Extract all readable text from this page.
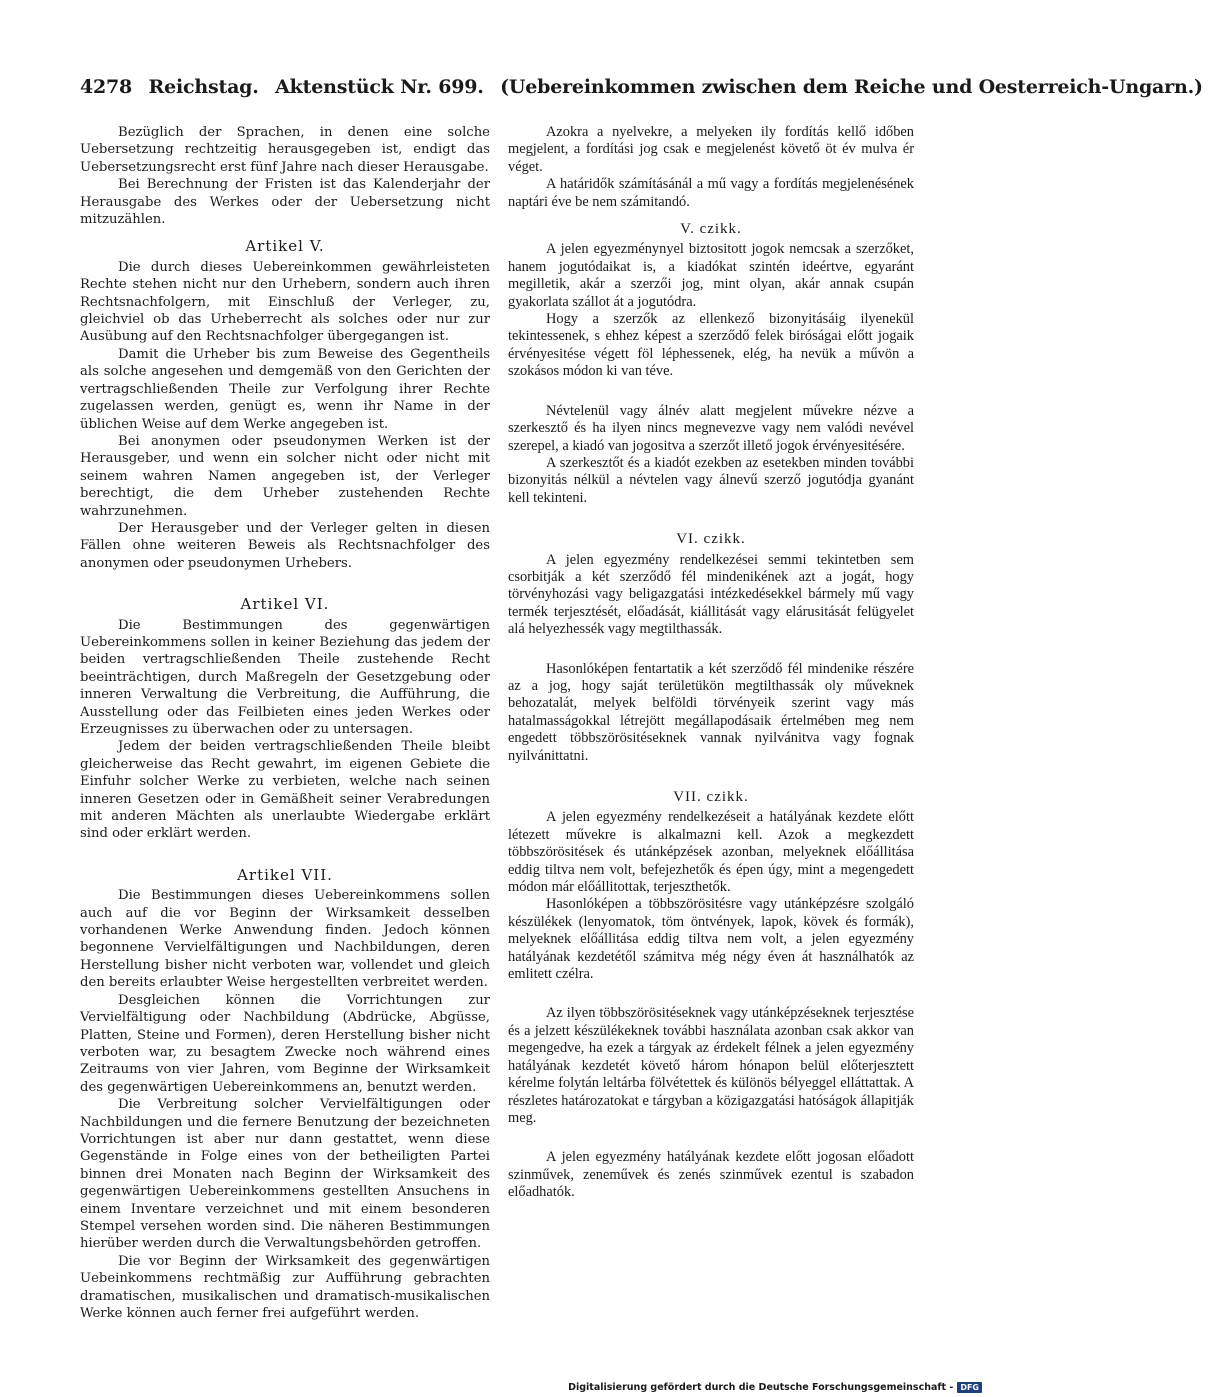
4278 Reichstag. Aktenstück Nr. 699. (Uebereinkommen zwischen dem Reiche und Oesterreich-Ungarn.)

Bezüglich der Sprachen, in denen eine solche Uebersetzung rechtzeitig herausgegeben ist, endigt das Uebersetzungsrecht erst fünf Jahre nach dieser Herausgabe.

Bei Berechnung der Fristen ist das Kalenderjahr der Herausgabe des Werkes oder der Uebersetzung nicht mitzuzählen.

Artikel V.

Die durch dieses Uebereinkommen gewährleisteten Rechte stehen nicht nur den Urhebern, sondern auch ihren Rechtsnachfolgern, mit Einschluß der Verleger, zu, gleichviel ob das Urheberrecht als solches oder nur zur Ausübung auf den Rechtsnachfolger übergegangen ist.

Damit die Urheber bis zum Beweise des Gegentheils als solche angesehen und demgemäß von den Gerichten der vertragschließenden Theile zur Verfolgung ihrer Rechte zugelassen werden, genügt es, wenn ihr Name in der üblichen Weise auf dem Werke angegeben ist.

Bei anonymen oder pseudonymen Werken ist der Herausgeber, und wenn ein solcher nicht oder nicht mit seinem wahren Namen angegeben ist, der Verleger berechtigt, die dem Urheber zustehenden Rechte wahrzunehmen.

Der Herausgeber und der Verleger gelten in diesen Fällen ohne weiteren Beweis als Rechtsnachfolger des anonymen oder pseudonymen Urhebers.

Artikel VI.

Die Bestimmungen des gegenwärtigen Uebereinkommens sollen in keiner Beziehung das jedem der beiden vertragschließenden Theile zustehende Recht beeinträchtigen, durch Maßregeln der Gesetzgebung oder inneren Verwaltung die Verbreitung, die Aufführung, die Ausstellung oder das Feilbieten eines jeden Werkes oder Erzeugnisses zu überwachen oder zu untersagen.

Jedem der beiden vertragschließenden Theile bleibt gleicherweise das Recht gewahrt, im eigenen Gebiete die Einfuhr solcher Werke zu verbieten, welche nach seinen inneren Gesetzen oder in Gemäßheit seiner Verabredungen mit anderen Mächten als unerlaubte Wiedergabe erklärt sind oder erklärt werden.

Artikel VII.

Die Bestimmungen dieses Uebereinkommens sollen auch auf die vor Beginn der Wirksamkeit desselben vorhandenen Werke Anwendung finden. Jedoch können begonnene Vervielfältigungen und Nachbildungen, deren Herstellung bisher nicht verboten war, vollendet und gleich den bereits erlaubter Weise hergestellten verbreitet werden.

Desgleichen können die Vorrichtungen zur Vervielfältigung oder Nachbildung (Abdrücke, Abgüsse, Platten, Steine und Formen), deren Herstellung bisher nicht verboten war, zu besagtem Zwecke noch während eines Zeitraums von vier Jahren, vom Beginne der Wirksamkeit des gegenwärtigen Uebereinkommens an, benutzt werden.

Die Verbreitung solcher Vervielfältigungen oder Nachbildungen und die fernere Benutzung der bezeichneten Vorrichtungen ist aber nur dann gestattet, wenn diese Gegenstände in Folge eines von der betheiligten Partei binnen drei Monaten nach Beginn der Wirksamkeit des gegenwärtigen Uebereinkommens gestellten Ansuchens in einem Inventare verzeichnet und mit einem besonderen Stempel versehen worden sind. Die näheren Bestimmungen hierüber werden durch die Verwaltungsbehörden getroffen.

Die vor Beginn der Wirksamkeit des gegenwärtigen Uebeinkommens rechtmäßig zur Aufführung gebrachten dramatischen, musikalischen und dramatisch-musikalischen Werke können auch ferner frei aufgeführt werden.

Azokra a nyelvekre, a melyeken ily fordítás kellő időben megjelent, a fordítási jog csak e megjelenést követő öt év mulva ér véget.

A határidők számításánál a mű vagy a fordítás megjelenésének naptári éve be nem számitandó.

V. czikk.

A jelen egyezménynyel biztositott jogok nemcsak a szerzőket, hanem jogutódaikat is, a kiadókat szintén ideértve, egyaránt megilletik, akár a szerzői jog, mint olyan, akár annak csupán gyakorlata szállot át a jogutódra.

Hogy a szerzők az ellenkező bizonyitásáig ilyenekül tekintessenek, s ehhez képest a szerződő felek biróságai előtt jogaik érvényesitése végett föl léphessenek, elég, ha nevük a művön a szokásos módon ki van téve.

Névtelenül vagy álnév alatt megjelent művekre nézve a szerkesztő és ha ilyen nincs megnevezve vagy nem valódi nevével szerepel, a kiadó van jogositva a szerzőt illető jogok érvényesitésére.

A szerkesztőt és a kiadót ezekben az esetekben minden további bizonyitás nélkül a névtelen vagy álnevű szerző jogutódja gyanánt kell tekinteni.

VI. czikk.

A jelen egyezmény rendelkezései semmi tekintetben sem csorbitják a két szerződő fél mindenikének azt a jogát, hogy törvényhozási vagy beligazgatási intézkedésekkel bármely mű vagy termék terjesztését, előadását, kiállitását vagy elárusitását felügyelet alá helyezhessék vagy megtilthassák.

Hasonlóképen fentartatik a két szerződő fél mindenike részére az a jog, hogy saját területükön megtilthassák oly műveknek behozatalát, melyek belföldi törvényeik szerint vagy más hatalmasságokkal létrejött megállapodásaik értelmében meg nem engedett többszörösitéseknek vannak nyilvánitva vagy fognak nyilvánittatni.

VII. czikk.

A jelen egyezmény rendelkezéseit a hatályának kezdete előtt létezett művekre is alkalmazni kell. Azok a megkezdett többszörösitések és utánképzések azonban, melyeknek előállitása eddig tiltva nem volt, befejezhetők és épen úgy, mint a megengedett módon már előállitottak, terjeszthetők.

Hasonlóképen a többszörösitésre vagy utánképzésre szolgáló készülékek (lenyomatok, töm öntvények, lapok, kövek és formák), melyeknek előállitása eddig tiltva nem volt, a jelen egyezmény hatályának kezdetétől számitva még négy éven át használhatók az emlitett czélra.

Az ilyen többszörösitéseknek vagy utánképzéseknek terjesztése és a jelzett készülékeknek további használata azonban csak akkor van megengedve, ha ezek a tárgyak az érdekelt félnek a jelen egyezmény hatályának kezdetét követő három hónapon belül előterjesztett kérelme folytán leltárba fölvétettek és különös bélyeggel elláttattak. A részletes határozatokat e tárgyban a közigazgatási hatóságok állapitják meg.

A jelen egyezmény hatályának kezdete előtt jogosan előadott szinművek, zeneművek és zenés szinművek ezentul is szabadon előadhatók.

Digitalisierung gefördert durch die Deutsche Forschungsgemeinschaft - DFG
